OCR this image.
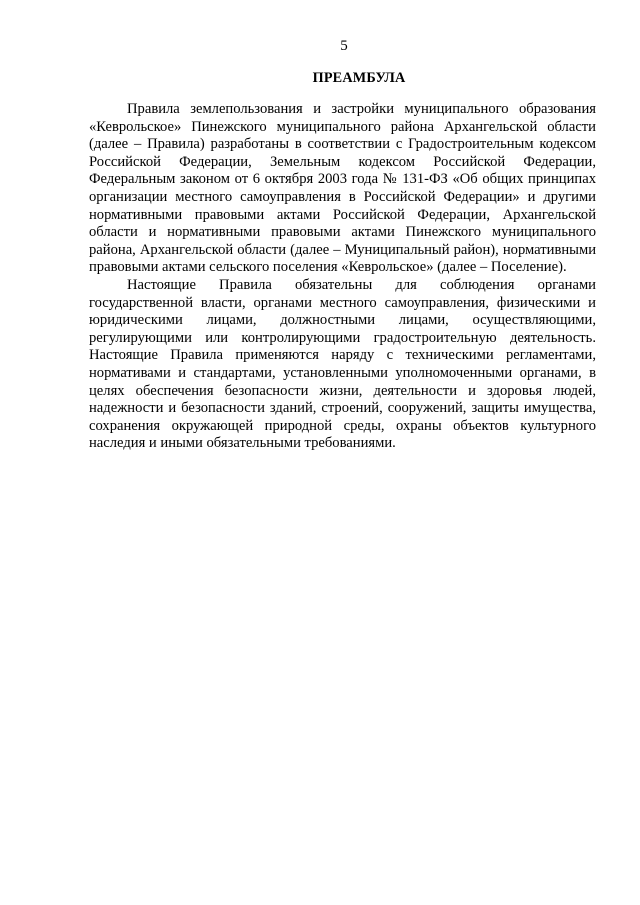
5
ПРЕАМБУЛА

Правила землепользования и застройки муниципального образования «Кеврольское» Пинежского муниципального района Архангельской области (далее – Правила) разработаны в соответствии с Градостроительным кодексом Российской Федерации, Земельным кодексом Российской Федерации, Федеральным законом от 6 октября 2003 года № 131-ФЗ «Об общих принципах организации местного самоуправления в Российской Федерации» и другими нормативными правовыми актами Российской Федерации, Архангельской области и нормативными правовыми актами Пинежского муниципального района, Архангельской области (далее – Муниципальный район), нормативными правовыми актами сельского поселения «Кеврольское» (далее – Поселение).

Настоящие Правила обязательны для соблюдения органами государственной власти, органами местного самоуправления, физическими и юридическими лицами, должностными лицами, осуществляющими, регулирующими или контролирующими градостроительную деятельность. Настоящие Правила применяются наряду с техническими регламентами, нормативами и стандартами, установленными уполномоченными органами, в целях обеспечения безопасности жизни, деятельности и здоровья людей, надежности и безопасности зданий, строений, сооружений, защиты имущества, сохранения окружающей природной среды, охраны объектов культурного наследия и иными обязательными требованиями.
